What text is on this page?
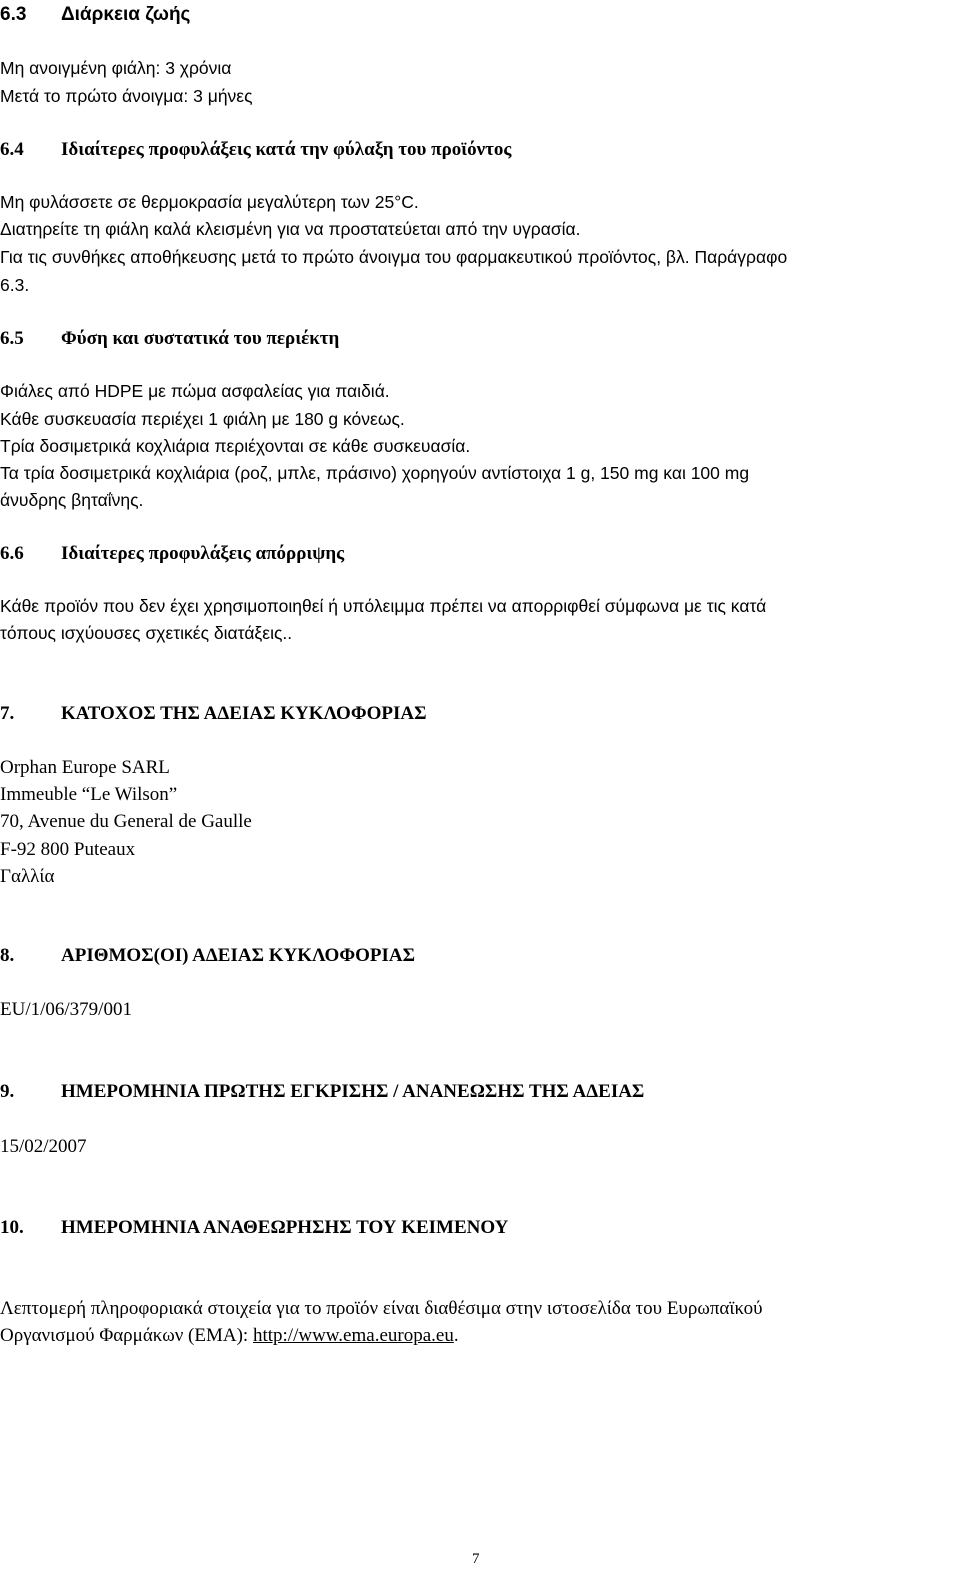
6.3 Διάρκεια ζωής
Μη ανοιγμένη φιάλη: 3 χρόνια
Μετά το πρώτο άνοιγμα: 3 μήνες
6.4 Ιδιαίτερες προφυλάξεις κατά την φύλαξη του προϊόντος
Μη φυλάσσετε σε θερμοκρασία μεγαλύτερη των 25°C.
Διατηρείτε τη φιάλη καλά κλεισμένη για να προστατεύεται από την υγρασία.
Για τις συνθήκες αποθήκευσης μετά το πρώτο άνοιγμα του φαρμακευτικού προϊόντος, βλ. Παράγραφο
6.3.
6.5 Φύση και συστατικά του περιέκτη
Φιάλες από HDPE με πώμα ασφαλείας για παιδιά.
Κάθε συσκευασία περιέχει 1 φιάλη με 180 g κόνεως.
Τρία δοσιμετρικά κοχλιάρια περιέχονται σε κάθε συσκευασία.
Τα τρία δοσιμετρικά κοχλιάρια (ροζ, μπλε, πράσινο) χορηγούν αντίστοιχα 1 g, 150 mg και 100 mg
άνυδρης βηταΐνης.
6.6 Ιδιαίτερες προφυλάξεις απόρριψης
Κάθε προϊόν που δεν έχει χρησιμοποιηθεί ή υπόλειμμα πρέπει να απορριφθεί σύμφωνα με τις κατά
τόπους ισχύουσες σχετικές διατάξεις..
7. ΚΑΤΟΧΟΣ ΤΗΣ ΑΔΕΙΑΣ ΚΥΚΛΟΦΟΡΙΑΣ
Orphan Europe SARL
Immeuble “Le Wilson”
70, Avenue du General de Gaulle
F-92 800 Puteaux
Γαλλία
8. ΑΡΙΘΜΟΣ(ΟΙ) ΑΔΕΙΑΣ ΚΥΚΛΟΦΟΡΙΑΣ
EU/1/06/379/001
9. ΗΜΕΡΟΜΗΝΙΑ ΠΡΩΤΗΣ ΕΓΚΡΙΣΗΣ / ΑΝΑΝΕΩΣΗΣ ΤΗΣ ΑΔΕΙΑΣ
15/02/2007
10. ΗΜΕΡΟΜΗΝΙΑ ΑΝΑΘΕΩΡΗΣΗΣ ΤΟΥ ΚΕΙΜΕΝΟΥ
Λεπτομερή πληροφοριακά στοιχεία για το προϊόν είναι διαθέσιμα στην ιστοσελίδα του Ευρωπαϊκού
Οργανισμού Φαρμάκων (EMA): http://www.ema.europa.eu.
7
